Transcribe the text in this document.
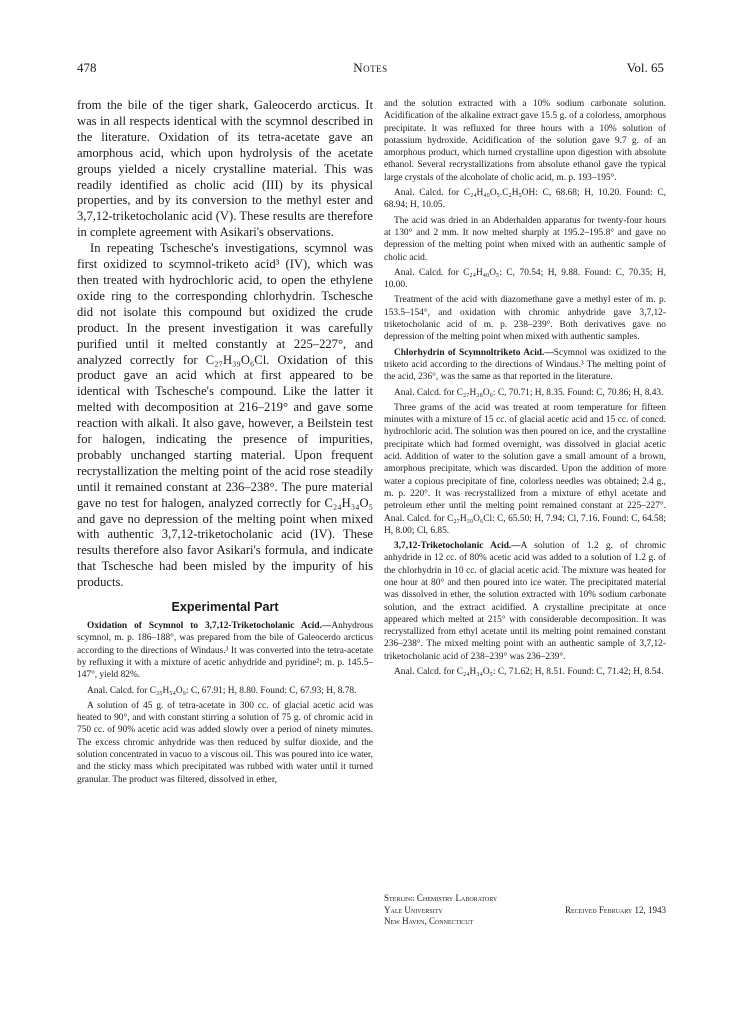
478	Notes	Vol. 65

from the bile of the tiger shark, Galeocerdo arcticus. It was in all respects identical with the scymnol described in the literature. Oxidation of its tetra-acetate gave an amorphous acid, which upon hydrolysis of the acetate groups yielded a nicely crystalline material. This was readily identified as cholic acid (III) by its physical properties, and by its conversion to the methyl ester and 3,7,12-triketocholanic acid (V). These results are therefore in complete agreement with Asikari's observations.

In repeating Tschesche's investigations, scymnol was first oxidized to scymnol-triketo acid³ (IV), which was then treated with hydrochloric acid, to open the ethylene oxide ring to the corresponding chlorhydrin. Tschesche did not isolate this compound but oxidized the crude product. In the present investigation it was carefully purified until it melted constantly at 225–227°, and analyzed correctly for C₂₇H₃₉O₆Cl. Oxidation of this product gave an acid which at first appeared to be identical with Tschesche's compound. Like the latter it melted with decomposition at 216–219° and gave some reaction with alkali. It also gave, however, a Beilstein test for halogen, indicating the presence of impurities, probably unchanged starting material. Upon frequent recrystallization the melting point of the acid rose steadily until it remained constant at 236–238°. The pure material gave no test for halogen, analyzed correctly for C₂₄H₃₄O₅ and gave no depression of the melting point when mixed with authentic 3,7,12-triketocholanic acid (IV). These results therefore also favor Asikari's formula, and indicate that Tschesche had been misled by the impurity of his products.

Experimental Part

Oxidation of Scymnol to 3,7,12-Triketocholanic Acid.—Anhydrous scymnol, m. p. 186–188°, was prepared from the bile of Galeocerdo arcticus according to the directions of Windaus.³ It was converted into the tetra-acetate by refluxing it with a mixture of acetic anhydride and pyridine²; m. p. 145.5–147°, yield 82%.

Anal. Calcd. for C₃₅H₅₄O₉: C, 67.91; H, 8.80. Found: C, 67.93; H, 8.78.

A solution of 45 g. of tetra-acetate in 300 cc. of glacial acetic acid was heated to 90°, and with constant stirring a solution of 75 g. of chromic acid in 750 cc. of 90% acetic acid was added slowly over a period of ninety minutes. The excess chromic anhydride was then reduced by sulfur dioxide, and the solution concentrated in vacuo to a viscous oil. This was poured into ice water, and the sticky mass which precipitated was rubbed with water until it turned granular. The product was filtered, dissolved in ether,

and the solution extracted with a 10% sodium carbonate solution. Acidification of the alkaline extract gave 15.5 g. of a colorless, amorphous precipitate. It was refluxed for three hours with a 10% solution of potassium hydroxide. Acidification of the solution gave 9.7 g. of an amorphous product, which turned crystalline upon digestion with absolute ethanol. Several recrystallizations from absolute ethanol gave the typical large crystals of the alcoholate of cholic acid, m. p. 193–195°.

Anal. Calcd. for C₂₄H₄₀O₅.C₂H₅OH: C, 68.68; H, 10.20. Found: C, 68.94; H, 10.05.

The acid was dried in an Abderhalden apparatus for twenty-four hours at 130° and 2 mm. It now melted sharply at 195.2–195.8° and gave no depression of the melting point when mixed with an authentic sample of cholic acid.

Anal. Calcd. for C₂₄H₄₀O₅: C, 70.54; H, 9.88. Found: C, 70.35; H, 10.00.

Treatment of the acid with diazomethane gave a methyl ester of m. p. 153.5–154°, and oxidation with chromic anhydride gave 3,7,12-triketocholanic acid of m. p. 238–239°. Both derivatives gave no depression of the melting point when mixed with authentic samples.

Chlorhydrin of Scymnoltriketo Acid.—Scymnol was oxidized to the triketo acid according to the directions of Windaus.³ The melting point of the acid, 236°, was the same as that reported in the literature.

Anal. Calcd. for C₂₇H₃₈O₆: C, 70.71; H, 8.35. Found: C, 70.86; H, 8.43.

Three grams of the acid was treated at room temperature for fifteen minutes with a mixture of 15 cc. of glacial acetic acid and 15 cc. of concd. hydrochloric acid. The solution was then poured on ice, and the crystalline precipitate which had formed overnight, was dissolved in glacial acetic acid. Addition of water to the solution gave a small amount of a brown, amorphous precipitate, which was discarded. Upon the addition of more water a copious precipitate of fine, colorless needles was obtained; 2.4 g., m. p. 220°. It was recrystallized from a mixture of ethyl acetate and petroleum ether until the melting point remained constant at 225–227°. Anal. Calcd. for C₂₇H₃₉O₆Cl: C, 65.50; H, 7.94; Cl, 7.16. Found: C, 64.58; H, 8.00; Cl, 6.85.

3,7,12-Triketocholanic Acid.—A solution of 1.2 g. of chromic anhydride in 12 cc. of 80% acetic acid was added to a solution of 1.2 g. of the chlorhydrin in 10 cc. of glacial acetic acid. The mixture was heated for one hour at 80° and then poured into ice water. The precipitated material was dissolved in ether, the solution extracted with 10% sodium carbonate solution, and the extract acidified. A crystalline precipitate at once appeared which melted at 215° with considerable decomposition. It was recrystallized from ethyl acetate until its melting point remained constant 236–238°. The mixed melting point with an authentic sample of 3,7,12-triketocholanic acid of 238–239° was 236–239°.

Anal. Calcd. for C₂₄H₃₄O₅: C, 71.62; H, 8.51. Found: C, 71.42; H, 8.54.

Sterling Chemistry Laboratory
Yale University	Received February 12, 1943
New Haven, Connecticut
